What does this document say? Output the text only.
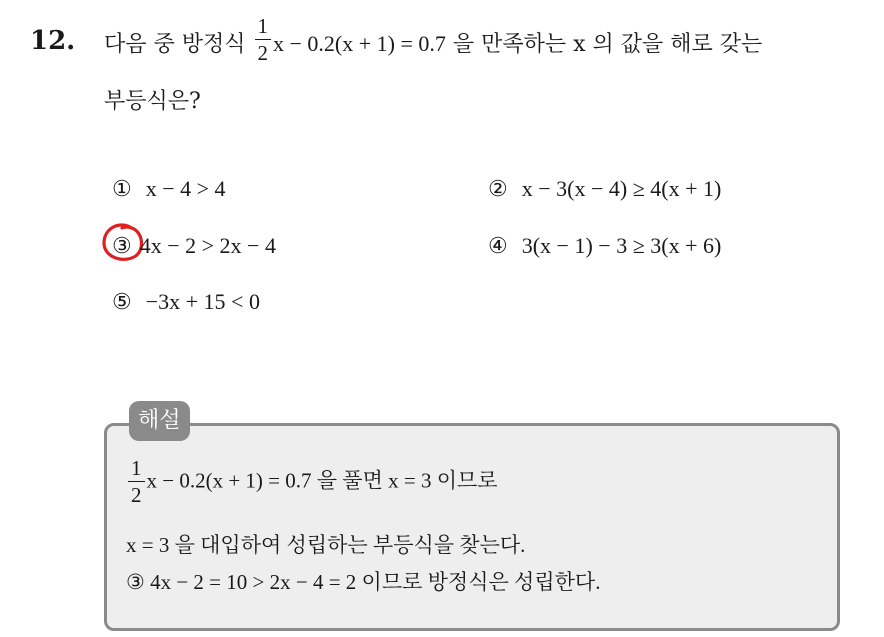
12. 다음 중 방정식 $\frac{1}{2}$ x − 0.2(x + 1) = 0.7 을 만족하는 x 의 값을 해로 갖는
부등식은?
① x − 4 > 4	② x − 3(x − 4) ≥ 4(x + 1)
③ 4x − 2 > 2x − 4	④ 3(x − 1) − 3 ≥ 3(x + 6)
⑤ −3x + 15 < 0
해설
$\frac{1}{2}$ x − 0.2(x + 1) = 0.7 을 풀면 x = 3 이므로
x = 3 을 대입하여 성립하는 부등식을 찾는다.
③ 4x − 2 = 10 > 2x − 4 = 2 이므로 방정식은 성립한다.
